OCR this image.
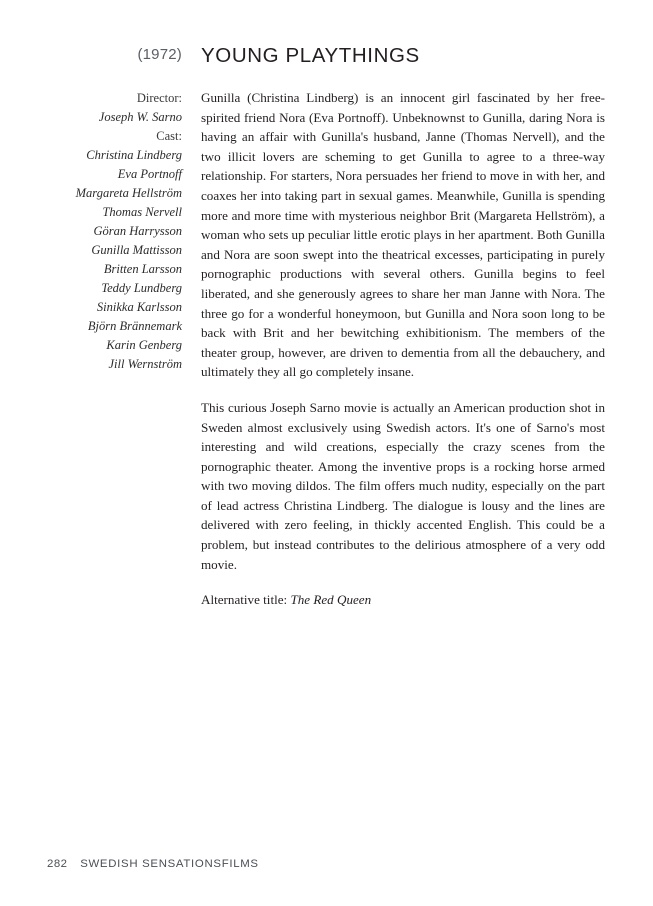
(1972)
Director:
Joseph W. Sarno
Cast:
Christina Lindberg
Eva Portnoff
Margareta Hellström
Thomas Nervell
Göran Harrysson
Gunilla Mattisson
Britten Larsson
Teddy Lundberg
Sinikka Karlsson
Björn Brännemark
Karin Genberg
Jill Wernström
YOUNG PLAYTHINGS

Gunilla (Christina Lindberg) is an innocent girl fascinated by her free-spirited friend Nora (Eva Portnoff). Unbeknownst to Gunilla, daring Nora is having an affair with Gunilla's husband, Janne (Thomas Nervell), and the two illicit lovers are scheming to get Gunilla to agree to a three-way relationship. For starters, Nora persuades her friend to move in with her, and coaxes her into taking part in sexual games. Meanwhile, Gunilla is spending more and more time with mysterious neighbor Brit (Margareta Hellström), a woman who sets up peculiar little erotic plays in her apartment. Both Gunilla and Nora are soon swept into the theatrical excesses, participating in purely pornographic productions with several others. Gunilla begins to feel liberated, and she generously agrees to share her man Janne with Nora. The three go for a wonderful honeymoon, but Gunilla and Nora soon long to be back with Brit and her bewitching exhibitionism. The members of the theater group, however, are driven to dementia from all the debauchery, and ultimately they all go completely insane.

This curious Joseph Sarno movie is actually an American production shot in Sweden almost exclusively using Swedish actors. It's one of Sarno's most interesting and wild creations, especially the crazy scenes from the pornographic theater. Among the inventive props is a rocking horse armed with two moving dildos. The film offers much nudity, especially on the part of lead actress Christina Lindberg. The dialogue is lousy and the lines are delivered with zero feeling, in thickly accented English. This could be a problem, but instead contributes to the delirious atmosphere of a very odd movie.

Alternative title: The Red Queen

282 SWEDISH SENSATIONSFILMS
